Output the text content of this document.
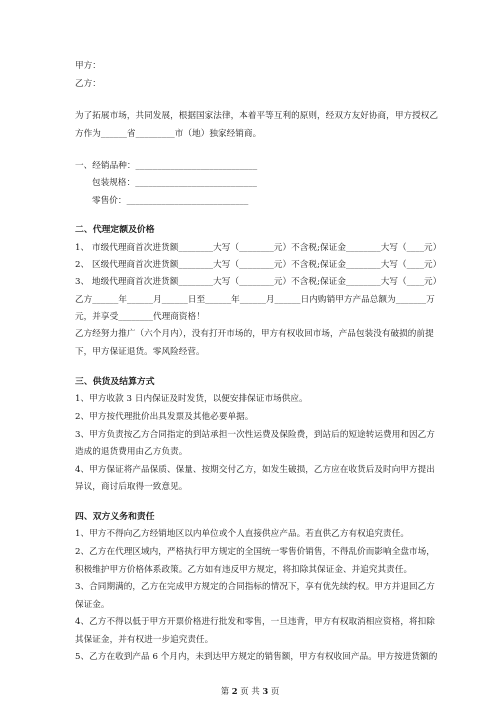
甲方：
乙方：
为了拓展市场，共同发展，根据国家法律，本着平等互利的原则，经双方友好协商，甲方授权乙
方作为______省_________市（地）独家经销商。
一、经销品种：____________________________
包装规格：____________________________
零售价：____________________________
二、代理定额及价格
1、 市级代理商首次进货额________大写（________元）不含税;保证金________大写（____元）
2、 区级代理商首次进货额________大写（________元）不含税;保证金________大写（____元）
3、 地级代理商首次进货额________大写（________元）不含税;保证金________大写（____元）
乙方______年______月______日至______年______月______日内购销甲方产品总额为_______万
元，并享受________代理商资格！
乙方经努力推广（六个月内），没有打开市场的，甲方有权收回市场，产品包装没有破损的前提
下，甲方保证退货。零风险经营。
三、供货及结算方式
1、甲方收款 3 日内保证及时发货，以便安排保证市场供应。
2、甲方按代理批价出具发票及其他必要单据。
3、甲方负责按乙方合同指定的到站承担一次性运费及保险费，到站后的短途转运费用和因乙方
造成的退货费用由乙方负责。
4、甲方保证将产品保质、保量、按期交付乙方，如发生破损，乙方应在收货后及时向甲方提出
异议，商讨后取得一致意见。
四、双方义务和责任
1、甲方不得向乙方经销地区以内单位或个人直接供应产品。若直供乙方有权追究责任。
2、乙方在代理区域内，严格执行甲方规定的全国统一零售价销售，不得乱价而影响全盘市场，
积极维护甲方价格体系政策。乙方如有违反甲方规定，将扣除其保证金、并追究其责任。
3、合同期满的，乙方在完成甲方规定的合同指标的情况下，享有优先续约权。甲方并退回乙方
保证金。
4、乙方不得以低于甲方开票价格进行批发和零售，一旦违背，甲方有权取消相应资格，将扣除
其保证金，并有权进一步追究责任。
5、乙方在收到产品 6 个月内，未到达甲方规定的销售额，甲方有权收回产品。甲方按进货额的
第 2 页 共 3 页
